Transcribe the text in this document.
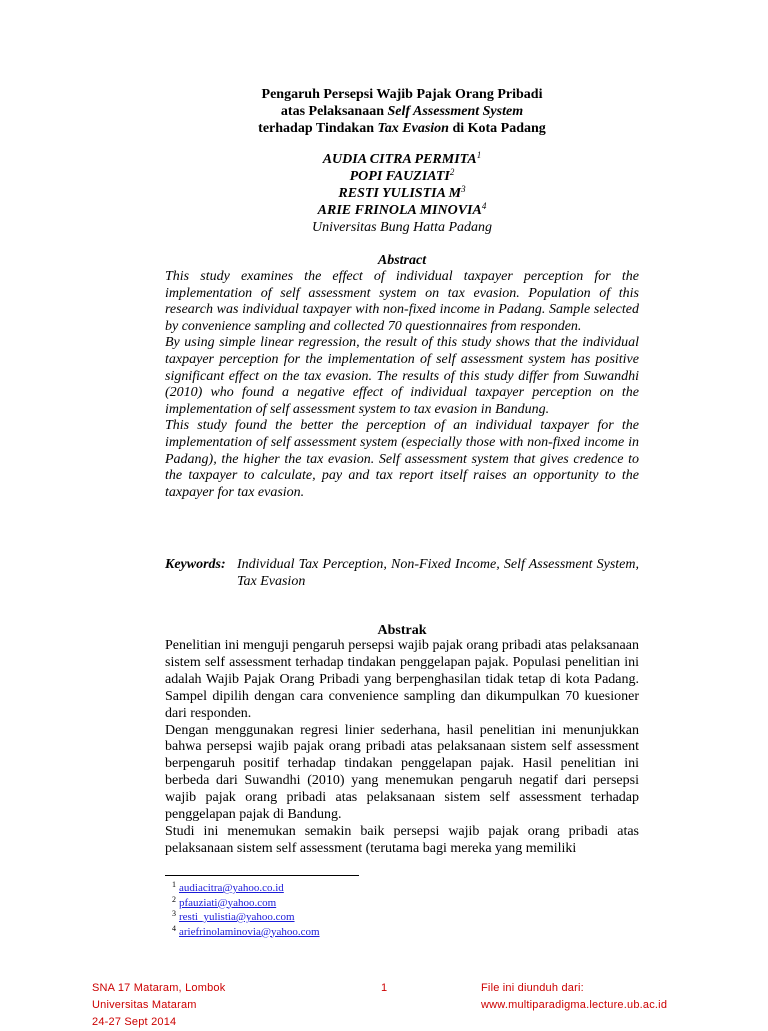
Pengaruh Persepsi Wajib Pajak Orang Pribadi
atas Pelaksanaan Self Assessment System
terhadap Tindakan Tax Evasion di Kota Padang
AUDIA CITRA PERMITA$^1$
POPI FAUZIATI$^2$
RESTI YULISTIA $M^3$
ARIE FRINOLA MINOVIA$^4$
Universitas Bung Hatta Padang
Abstract

This study examines the effect of individual taxpayer perception for the implementation of self assessment system on tax evasion. Population of this research was individual taxpayer with non-fixed income in Padang. Sample selected by convenience sampling and collected 70 questionnaires from responden.

By using simple linear regression, the result of this study shows that the individual taxpayer perception for the implementation of self assessment system has positive significant effect on the tax evasion. The results of this study differ from Suwandhi (2010) who found a negative effect of individual taxpayer perception on the implementation of self assessment system to tax evasion in Bandung.

This study found the better the perception of an individual taxpayer for the implementation of self assessment system (especially those with non-fixed income in Padang), the higher the tax evasion. Self assessment system that gives credence to the taxpayer to calculate, pay and tax report itself raises an opportunity to the taxpayer for tax evasion.

Keywords: Individual Tax Perception, Non-Fixed Income, Self Assessment System, Tax Evasion
Abstrak

Penelitian ini menguji pengaruh persepsi wajib pajak orang pribadi atas pelaksanaan sistem self assessment terhadap tindakan penggelapan pajak. Populasi penelitian ini adalah Wajib Pajak Orang Pribadi yang berpenghasilan tidak tetap di kota Padang. Sampel dipilih dengan cara convenience sampling dan dikumpulkan 70 kuesioner dari responden.

Dengan menggunakan regresi linier sederhana, hasil penelitian ini menunjukkan bahwa persepsi wajib pajak orang pribadi atas pelaksanaan sistem self assessment berpengaruh positif terhadap tindakan penggelapan pajak. Hasil penelitian ini berbeda dari Suwandhi (2010) yang menemukan pengaruh negatif dari persepsi wajib pajak orang pribadi atas pelaksanaan sistem self assessment terhadap penggelapan pajak di Bandung.

Studi ini menemukan semakin baik persepsi wajib pajak orang pribadi atas pelaksanaan sistem self assessment (terutama bagi mereka yang memiliki

$^1$ audiacitra@yahoo.co.id
$^2$ pfauziati@yahoo.com
$^3$ resti_yulistia@yahoo.com
$^4$ ariefrinolaminovia@yahoo.com
SNA 17 Mataram, Lombok
Universitas Mataram
24-27 Sept 2014
1	File ini diunduh dari:
www.multiparadigma.lecture.ub.ac.id
